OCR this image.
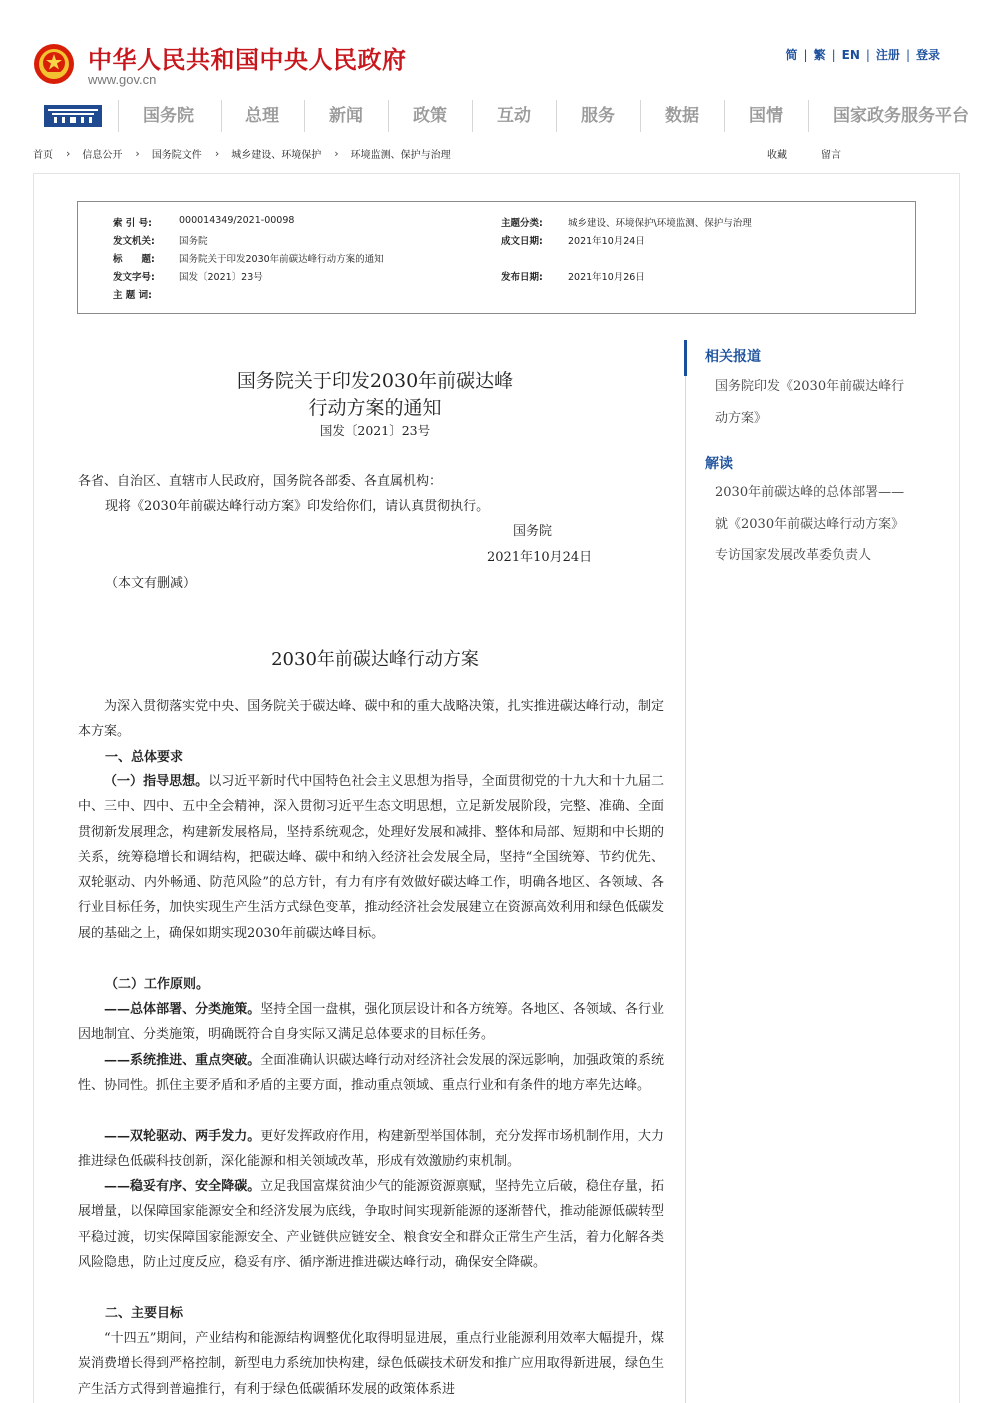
中华人民共和国中央人民政府
www.gov.cn
简 | 繁 | EN | 注册 | 登录
国务院	总理	新闻	政策	互动	服务	数据	国情	国家政务服务平台
首页 › 信息公开 › 国务院文件 › 城乡建设、环境保护 › 环境监测、保护与治理	收藏	留言
索 引 号:	000014349/2021-00098	主题分类:	城乡建设、环境保护\环境监测、保护与治理
发文机关:	国务院	成文日期:	2021年10月24日
标　　题:	国务院关于印发2030年前碳达峰行动方案的通知
发文字号:	国发〔2021〕23号	发布日期:	2021年10月26日
主 题 词:
国务院关于印发2030年前碳达峰
行动方案的通知
国发〔2021〕23号
各省、自治区、直辖市人民政府，国务院各部委、各直属机构：
现将《2030年前碳达峰行动方案》印发给你们，请认真贯彻执行。
国务院
2021年10月24日
（本文有删减）
2030年前碳达峰行动方案
为深入贯彻落实党中央、国务院关于碳达峰、碳中和的重大战略决策，扎实推进碳达峰行动，制定本方案。
一、总体要求
（一）指导思想。以习近平新时代中国特色社会主义思想为指导，全面贯彻党的十九大和十九届二中、三中、四中、五中全会精神，深入贯彻习近平生态文明思想，立足新发展阶段，完整、准确、全面贯彻新发展理念，构建新发展格局，坚持系统观念，处理好发展和减排、整体和局部、短期和中长期的关系，统筹稳增长和调结构，把碳达峰、碳中和纳入经济社会发展全局，坚持“全国统筹、节约优先、双轮驱动、内外畅通、防范风险”的总方针，有力有序有效做好碳达峰工作，明确各地区、各领域、各行业目标任务，加快实现生产生活方式绿色变革，推动经济社会发展建立在资源高效利用和绿色低碳发展的基础之上，确保如期实现2030年前碳达峰目标。
（二）工作原则。
——总体部署、分类施策。坚持全国一盘棋，强化顶层设计和各方统筹。各地区、各领域、各行业因地制宜、分类施策，明确既符合自身实际又满足总体要求的目标任务。
——系统推进、重点突破。全面准确认识碳达峰行动对经济社会发展的深远影响，加强政策的系统性、协同性。抓住主要矛盾和矛盾的主要方面，推动重点领域、重点行业和有条件的地方率先达峰。
——双轮驱动、两手发力。更好发挥政府作用，构建新型举国体制，充分发挥市场机制作用，大力推进绿色低碳科技创新，深化能源和相关领域改革，形成有效激励约束机制。
——稳妥有序、安全降碳。立足我国富煤贫油少气的能源资源禀赋，坚持先立后破，稳住存量，拓展增量，以保障国家能源安全和经济发展为底线，争取时间实现新能源的逐渐替代，推动能源低碳转型平稳过渡，切实保障国家能源安全、产业链供应链安全、粮食安全和群众正常生产生活，着力化解各类风险隐患，防止过度反应，稳妥有序、循序渐进推进碳达峰行动，确保安全降碳。
二、主要目标
“十四五”期间，产业结构和能源结构调整优化取得明显进展，重点行业能源利用效率大幅提升，煤炭消费增长得到严格控制，新型电力系统加快构建，绿色低碳技术研发和推广应用取得新进展，绿色生产生活方式得到普遍推行，有利于绿色低碳循环发展的政策体系进
相关报道
国务院印发《2030年前碳达峰行动方案》
解读
2030年前碳达峰的总体部署——就《2030年前碳达峰行动方案》专访国家发展改革委负责人
